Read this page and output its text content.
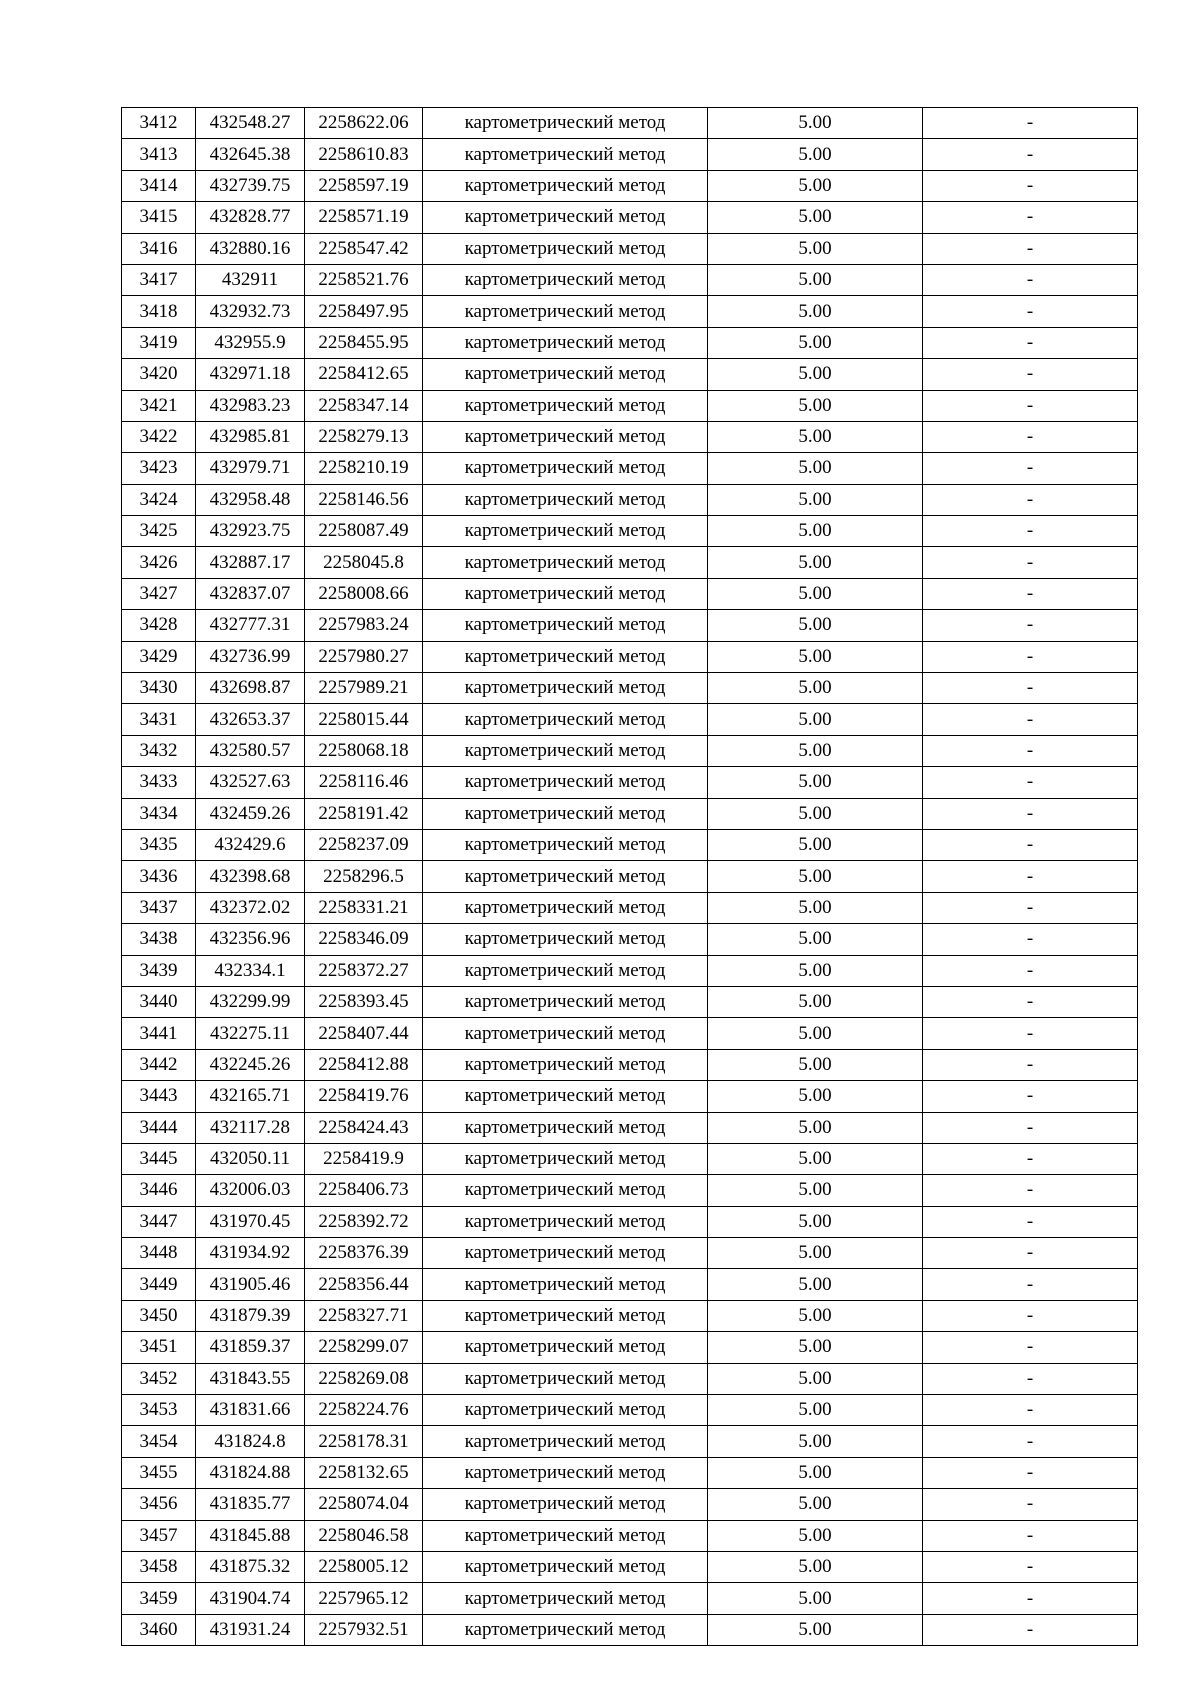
3412	432548.27	2258622.06	картометрический метод	5.00	-
3413	432645.38	2258610.83	картометрический метод	5.00	-
3414	432739.75	2258597.19	картометрический метод	5.00	-
3415	432828.77	2258571.19	картометрический метод	5.00	-
3416	432880.16	2258547.42	картометрический метод	5.00	-
3417	432911	2258521.76	картометрический метод	5.00	-
3418	432932.73	2258497.95	картометрический метод	5.00	-
3419	432955.9	2258455.95	картометрический метод	5.00	-
3420	432971.18	2258412.65	картометрический метод	5.00	-
3421	432983.23	2258347.14	картометрический метод	5.00	-
3422	432985.81	2258279.13	картометрический метод	5.00	-
3423	432979.71	2258210.19	картометрический метод	5.00	-
3424	432958.48	2258146.56	картометрический метод	5.00	-
3425	432923.75	2258087.49	картометрический метод	5.00	-
3426	432887.17	2258045.8	картометрический метод	5.00	-
3427	432837.07	2258008.66	картометрический метод	5.00	-
3428	432777.31	2257983.24	картометрический метод	5.00	-
3429	432736.99	2257980.27	картометрический метод	5.00	-
3430	432698.87	2257989.21	картометрический метод	5.00	-
3431	432653.37	2258015.44	картометрический метод	5.00	-
3432	432580.57	2258068.18	картометрический метод	5.00	-
3433	432527.63	2258116.46	картометрический метод	5.00	-
3434	432459.26	2258191.42	картометрический метод	5.00	-
3435	432429.6	2258237.09	картометрический метод	5.00	-
3436	432398.68	2258296.5	картометрический метод	5.00	-
3437	432372.02	2258331.21	картометрический метод	5.00	-
3438	432356.96	2258346.09	картометрический метод	5.00	-
3439	432334.1	2258372.27	картометрический метод	5.00	-
3440	432299.99	2258393.45	картометрический метод	5.00	-
3441	432275.11	2258407.44	картометрический метод	5.00	-
3442	432245.26	2258412.88	картометрический метод	5.00	-
3443	432165.71	2258419.76	картометрический метод	5.00	-
3444	432117.28	2258424.43	картометрический метод	5.00	-
3445	432050.11	2258419.9	картометрический метод	5.00	-
3446	432006.03	2258406.73	картометрический метод	5.00	-
3447	431970.45	2258392.72	картометрический метод	5.00	-
3448	431934.92	2258376.39	картометрический метод	5.00	-
3449	431905.46	2258356.44	картометрический метод	5.00	-
3450	431879.39	2258327.71	картометрический метод	5.00	-
3451	431859.37	2258299.07	картометрический метод	5.00	-
3452	431843.55	2258269.08	картометрический метод	5.00	-
3453	431831.66	2258224.76	картометрический метод	5.00	-
3454	431824.8	2258178.31	картометрический метод	5.00	-
3455	431824.88	2258132.65	картометрический метод	5.00	-
3456	431835.77	2258074.04	картометрический метод	5.00	-
3457	431845.88	2258046.58	картометрический метод	5.00	-
3458	431875.32	2258005.12	картометрический метод	5.00	-
3459	431904.74	2257965.12	картометрический метод	5.00	-
3460	431931.24	2257932.51	картометрический метод	5.00	-
